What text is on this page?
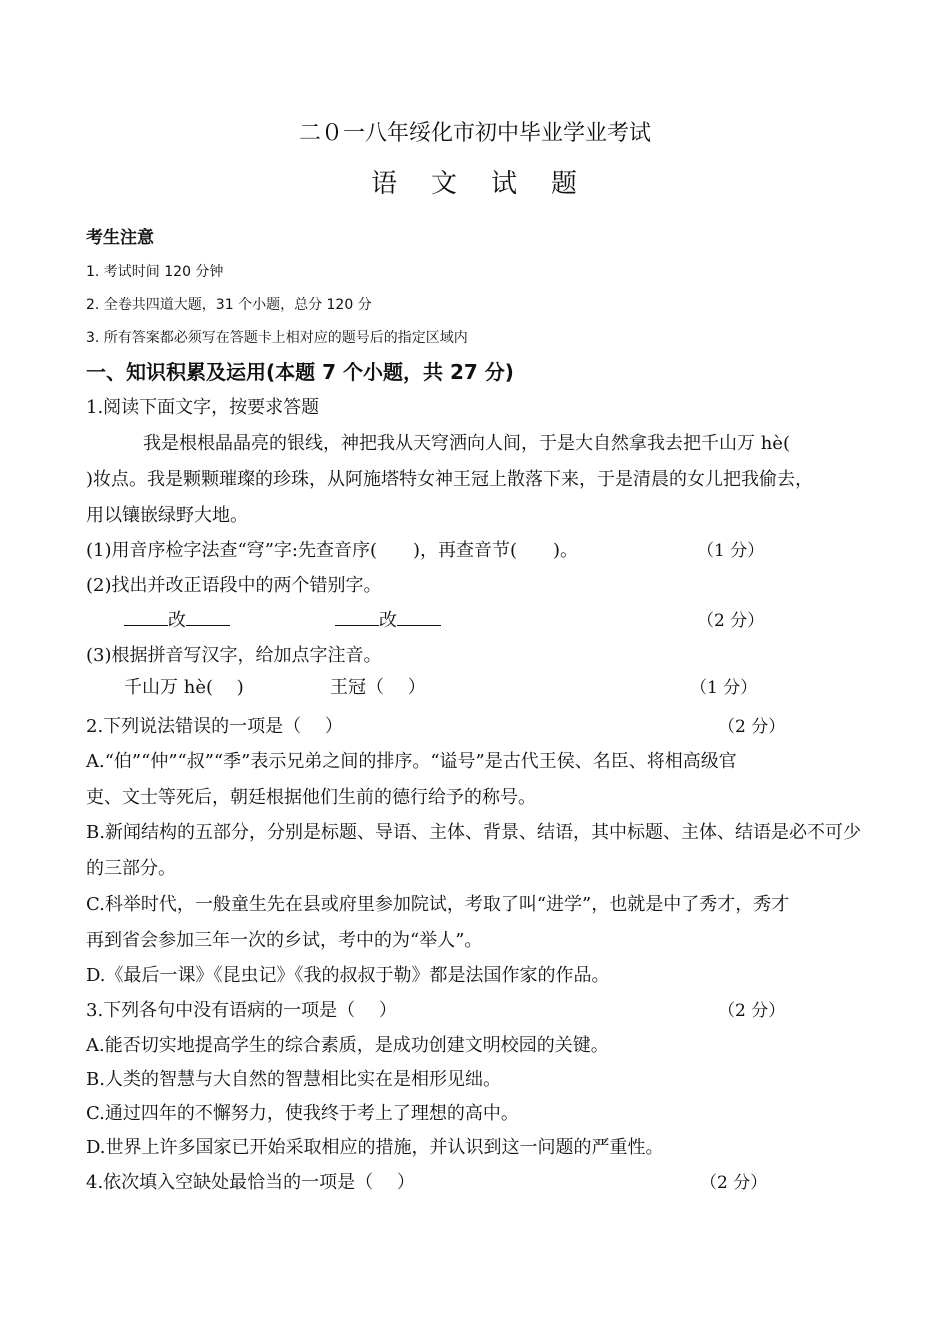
二０一八年绥化市初中毕业学业考试
语 文 试 题
考生注意
1. 考试时间 120 分钟
2. 全卷共四道大题，31 个小题，总分 120 分
3. 所有答案都必须写在答题卡上相对应的题号后的指定区域内
一、知识积累及运用(本题 7 个小题，共 27 分)
1.阅读下面文字，按要求答题
我是根根晶晶亮的银线，神把我从天穹洒向人间，于是大自然拿我去把千山万 hè(
)妆点。我是颗颗璀璨的珍珠，从阿施塔特女神王冠上散落下来，于是清晨的女儿把我偷去，
用以镶嵌绿野大地。
(1)用音序检字法查“穹”字:先查音序(　　)，再查音节(　　)。	（1 分）
(2)找出并改正语段中的两个错别字。
改	改	（2 分）
(3)根据拼音写汉字，给加点字注音。
千山万 hè(　 )	王冠（　 ）	（1 分）
2.下列说法错误的一项是（　 ）	（2 分）
A.“伯”“仲”“叔”“季”表示兄弟之间的排序。“谥号”是古代王侯、名臣、将相高级官
吏、文士等死后，朝廷根据他们生前的德行给予的称号。
B.新闻结构的五部分，分别是标题、导语、主体、背景、结语，其中标题、主体、结语是必不可少
的三部分。
C.科举时代，一般童生先在县或府里参加院试，考取了叫“进学”，也就是中了秀才，秀才
再到省会参加三年一次的乡试，考中的为“举人”。
D.《最后一课》《昆虫记》《我的叔叔于勒》都是法国作家的作品。
3.下列各句中没有语病的一项是（　 ）	（2 分）
A.能否切实地提高学生的综合素质，是成功创建文明校园的关键。
B.人类的智慧与大自然的智慧相比实在是相形见绌。
C.通过四年的不懈努力，使我终于考上了理想的高中。
D.世界上许多国家已开始采取相应的措施，并认识到这一问题的严重性。
4.依次填入空缺处最恰当的一项是（　 ）	（2 分）
